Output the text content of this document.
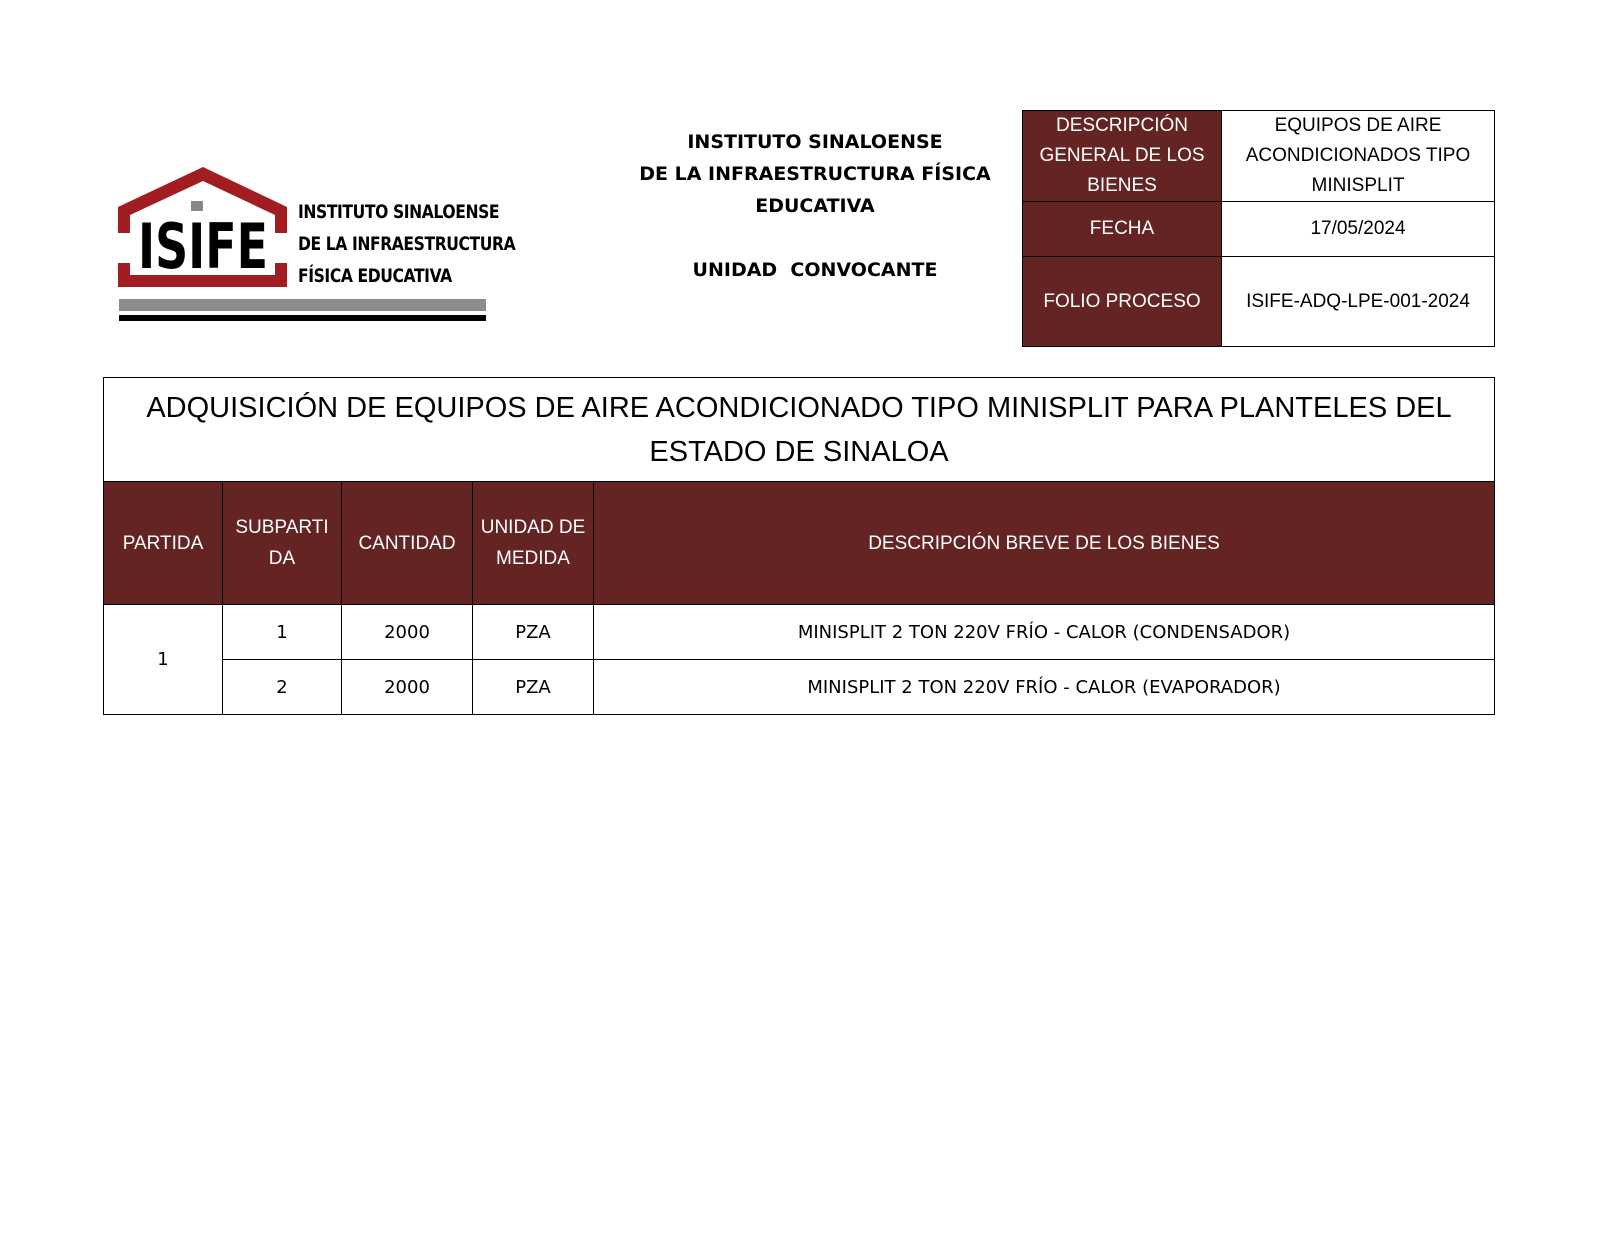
ISIFE INSTITUTO SINALOENSE
DE LA INFRAESTRUCTURA
FÍSICA EDUCATIVA
INSTITUTO SINALOENSE
DE LA INFRAESTRUCTURA FÍSICA
EDUCATIVA
UNIDAD  CONVOCANTE
DESCRIPCIÓN GENERAL DE LOS BIENES	EQUIPOS DE AIRE ACONDICIONADOS TIPO MINISPLIT
FECHA	17/05/2024
FOLIO PROCESO	ISIFE-ADQ-LPE-001-2024
ADQUISICIÓN DE EQUIPOS DE AIRE ACONDICIONADO TIPO MINISPLIT PARA PLANTELES DEL ESTADO DE SINALOA				
PARTIDA	SUBPARTI DA	CANTIDAD	UNIDAD DE MEDIDA	DESCRIPCIÓN BREVE DE LOS BIENES
1	1	2000	PZA	MINISPLIT 2 TON 220V FRÍO - CALOR (CONDENSADOR)
	2	2000	PZA	MINISPLIT 2 TON 220V FRÍO - CALOR (EVAPORADOR)
